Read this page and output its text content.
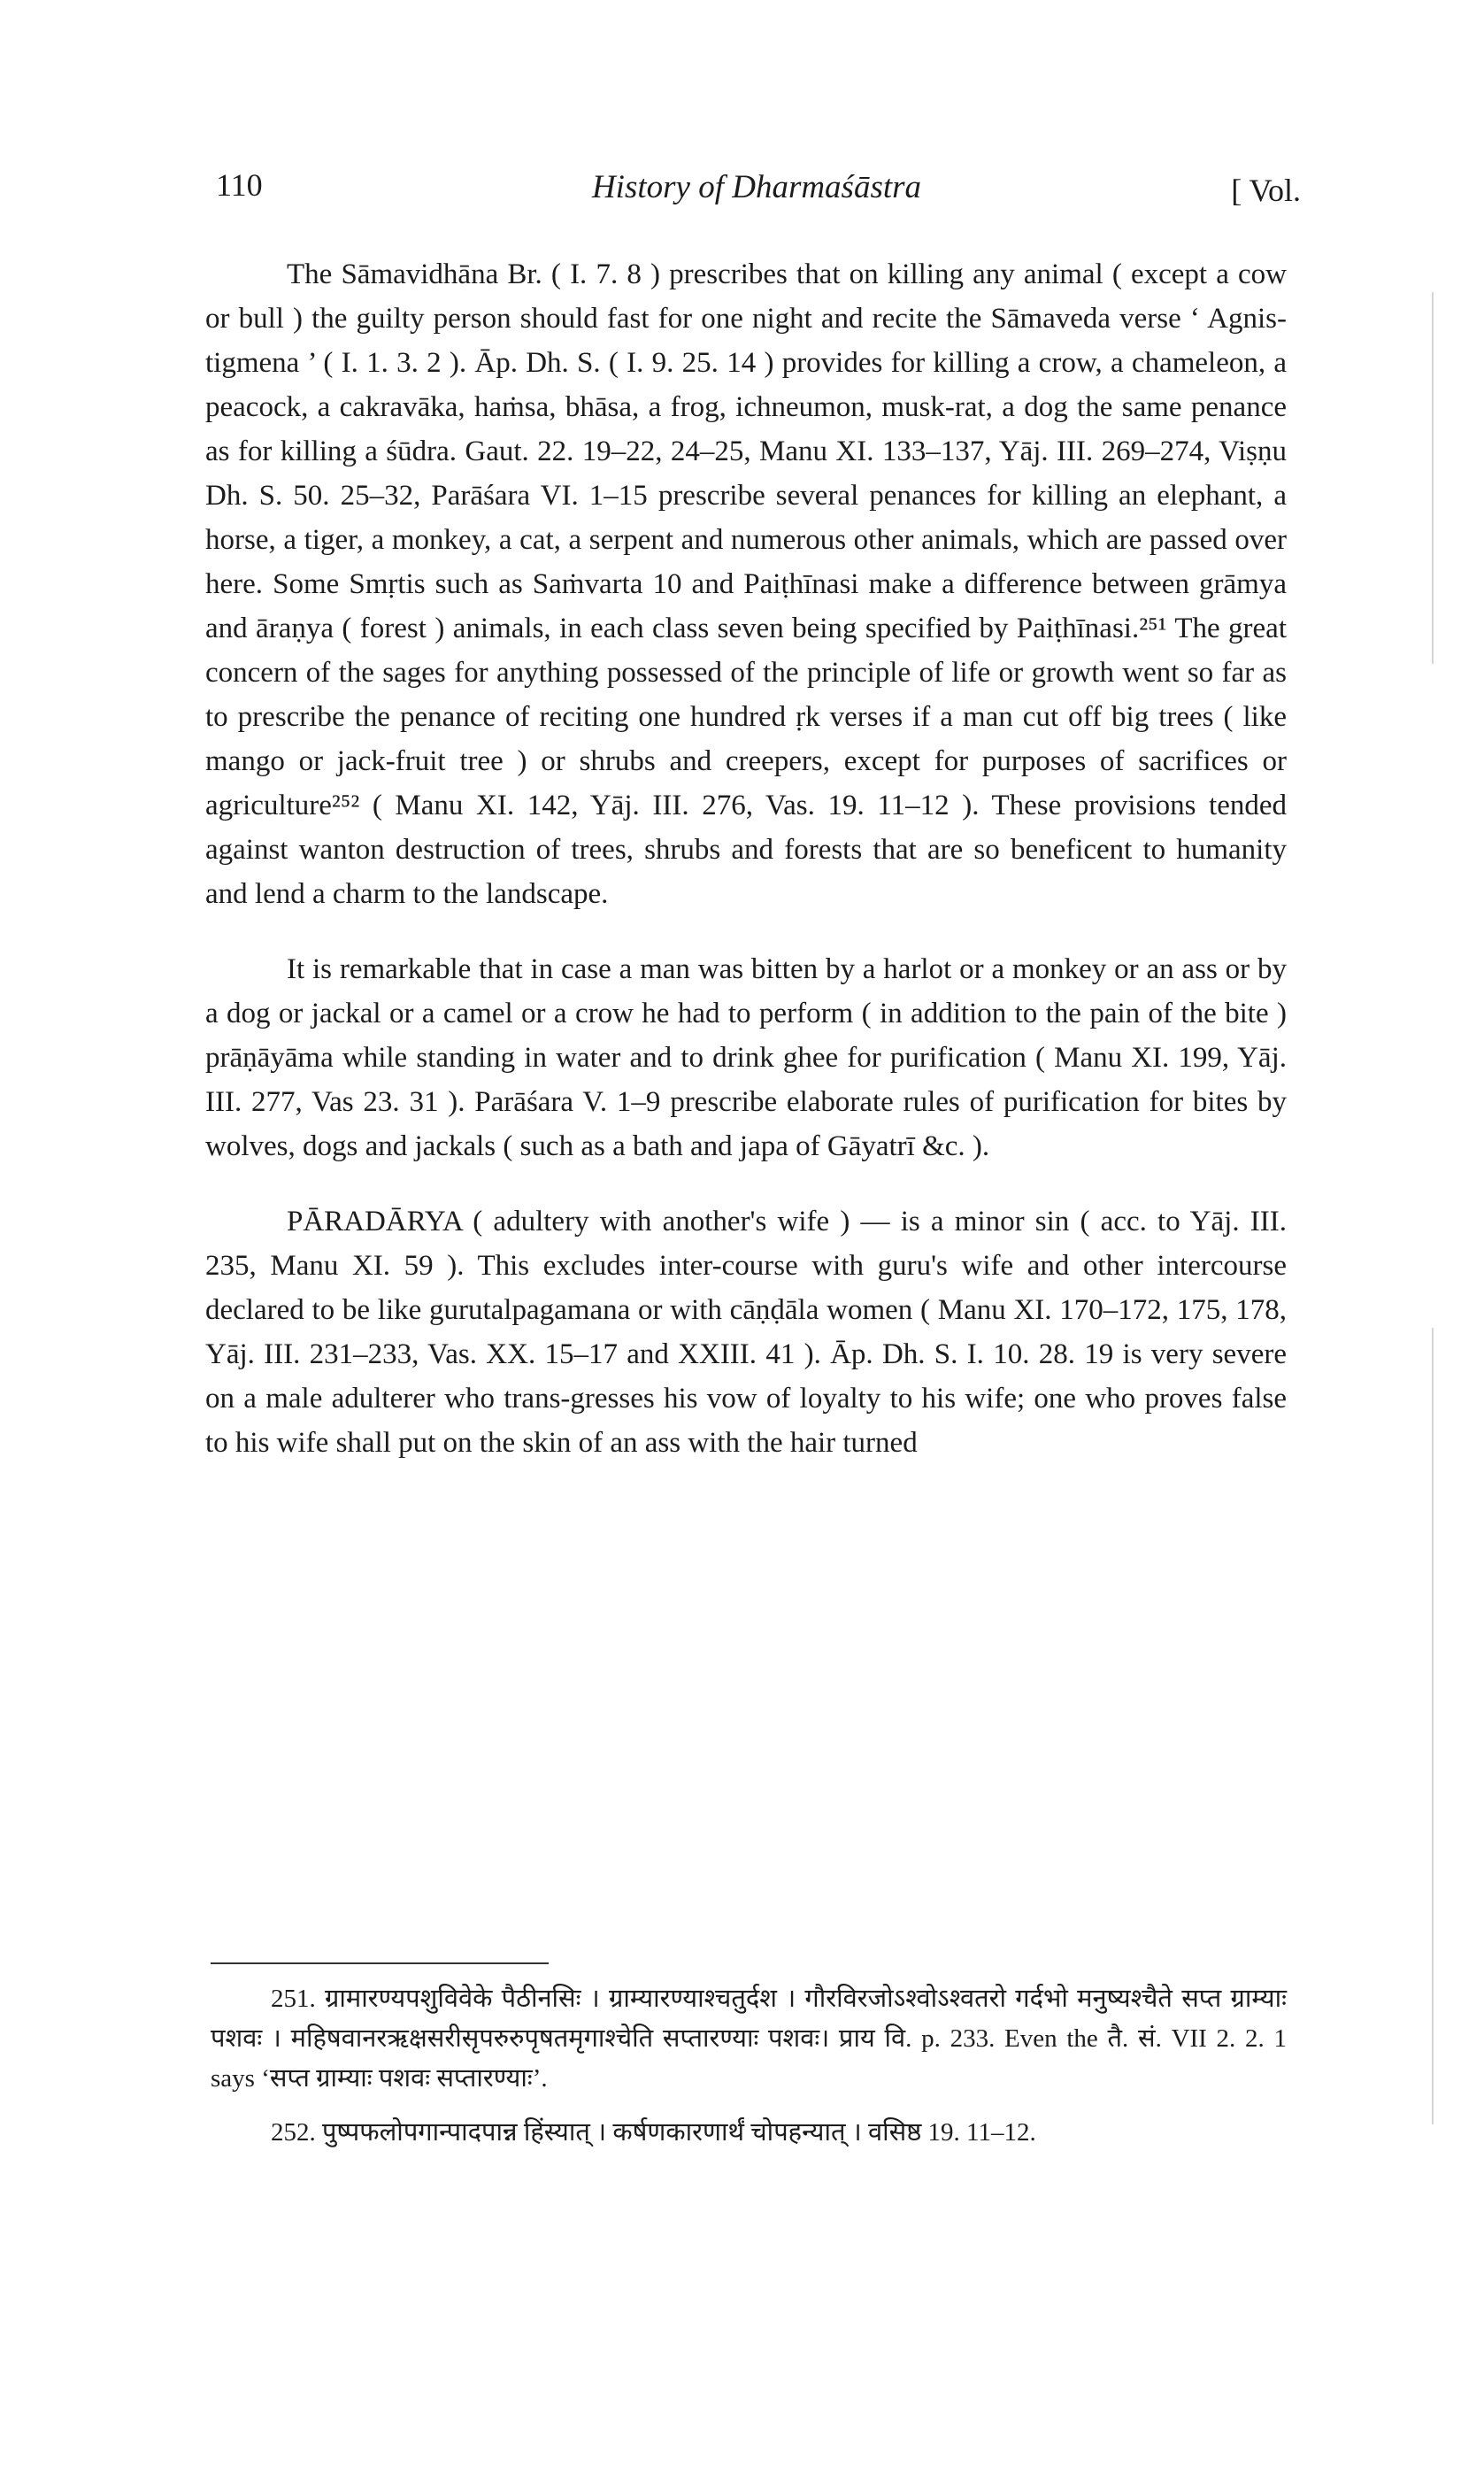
110	History of Dharmaśāstra	[ Vol.

The Sāmavidhāna Br. ( I. 7. 8 ) prescribes that on killing any animal ( except a cow or bull ) the guilty person should fast for one night and recite the Sāmaveda verse ‘ Agnis-tigmena ’ ( I. 1. 3. 2 ). Āp. Dh. S. ( I. 9. 25. 14 ) provides for killing a crow, a chameleon, a peacock, a cakravāka, haṁsa, bhāsa, a frog, ichneumon, musk-rat, a dog the same penance as for killing a śūdra. Gaut. 22. 19–22, 24–25, Manu XI. 133–137, Yāj. III. 269–274, Viṣṇu Dh. S. 50. 25–32, Parāśara VI. 1–15 prescribe several penances for killing an elephant, a horse, a tiger, a monkey, a cat, a serpent and numerous other animals, which are passed over here. Some Smṛtis such as Saṁvarta 10 and Paiṭhīnasi make a difference between grāmya and āraṇya ( forest ) animals, in each class seven being specified by Paiṭhīnasi.²⁵¹ The great concern of the sages for anything possessed of the principle of life or growth went so far as to prescribe the penance of reciting one hundred ṛk verses if a man cut off big trees ( like mango or jack-fruit tree ) or shrubs and creepers, except for purposes of sacrifices or agriculture²⁵² ( Manu XI. 142, Yāj. III. 276, Vas. 19. 11–12 ). These provisions tended against wanton destruction of trees, shrubs and forests that are so beneficent to humanity and lend a charm to the landscape.

It is remarkable that in case a man was bitten by a harlot or a monkey or an ass or by a dog or jackal or a camel or a crow he had to perform ( in addition to the pain of the bite ) prāṇāyāma while standing in water and to drink ghee for purification ( Manu XI. 199, Yāj. III. 277, Vas 23. 31 ). Parāśara V. 1–9 prescribe elaborate rules of purification for bites by wolves, dogs and jackals ( such as a bath and japa of Gāyatrī &c. ).

PĀRADĀRYA ( adultery with another's wife ) — is a minor sin ( acc. to Yāj. III. 235, Manu XI. 59 ). This excludes inter-course with guru's wife and other intercourse declared to be like gurutalpagamana or with cāṇḍāla women ( Manu XI. 170–172, 175, 178, Yāj. III. 231–233, Vas. XX. 15–17 and XXIII. 41 ). Āp. Dh. S. I. 10. 28. 19 is very severe on a male adulterer who trans-gresses his vow of loyalty to his wife; one who proves false to his wife shall put on the skin of an ass with the hair turned

251. ग्रामारण्यपशुविवेके पैठीनसिः । ग्राम्यारण्याश्चतुर्दश । गौरविरजोऽश्वोऽश्वतरो गर्दभो मनुष्यश्चैते सप्त ग्राम्याः पशवः । महिषवानरऋक्षसरीसृपरुरुपृषतमृगाश्चेति सप्तारण्याः पशवः। प्राय वि. p. 233. Even the तै. सं. VII 2. 2. 1 says ‘सप्त ग्राम्याः पशवः सप्तारण्याः’.

252. पुष्पफलोपगान्पादपान्न हिंस्यात् । कर्षणकारणार्थं चोपहन्यात् । वसिष्ठ 19. 11–12.
